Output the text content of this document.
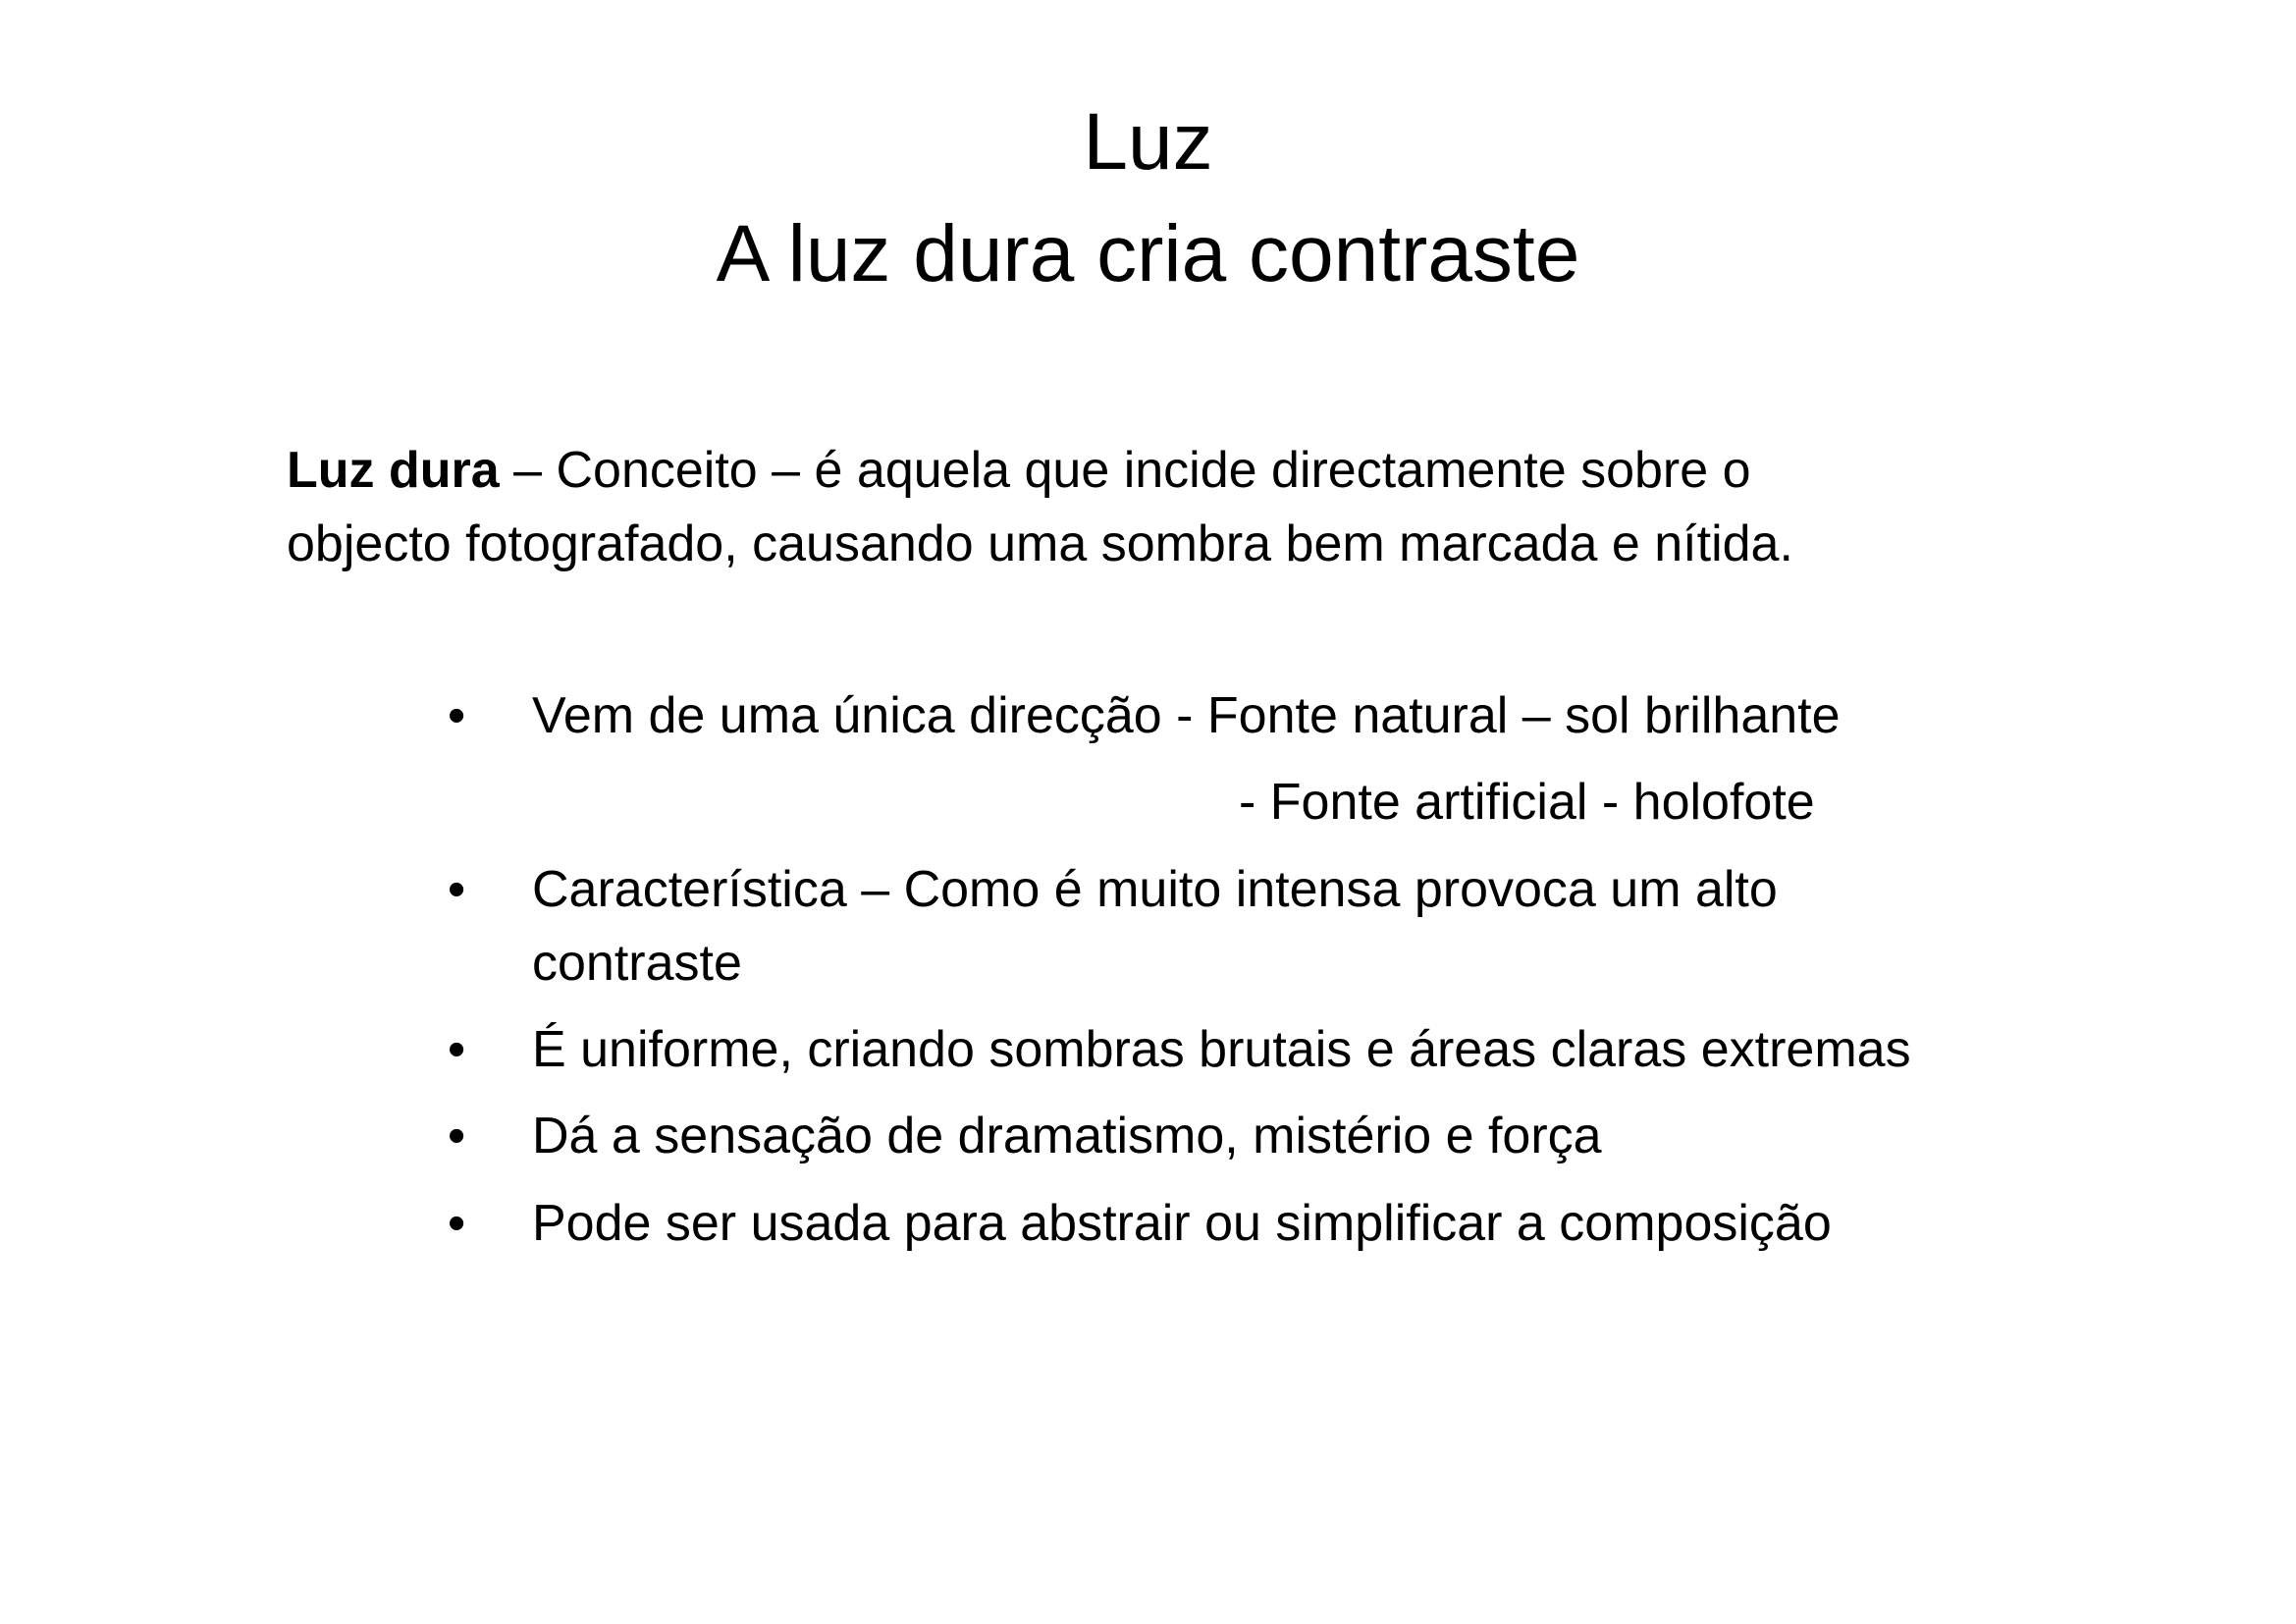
Luz
A luz dura cria contraste
Luz dura – Conceito – é aquela que incide directamente sobre o
objecto fotografado, causando uma sombra bem marcada e nítida.
•	Vem de uma única direcção - Fonte natural – sol brilhante
•	Característica – Como é muito intensa provoca um alto contraste
•	É uniforme, criando sombras brutais e áreas claras extremas
•	Dá a sensação de dramatismo, mistério e força
•	Pode ser usada para abstrair ou simplificar a composição
- Fonte artificial - holofote
